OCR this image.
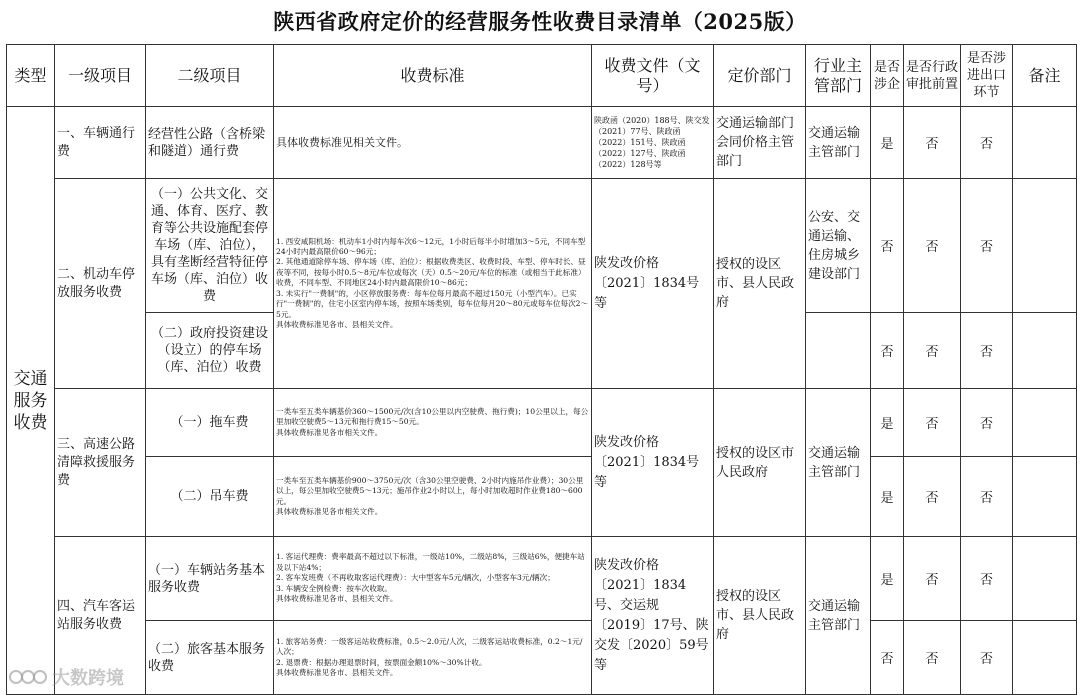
陕西省政府定价的经营服务性收费目录清单（2025版）
类型	一级项目	二级项目	收费标准	收费文件（文号）	定价部门	行业主管部门	是否涉企	是否行政审批前置	是否涉进出口环节	备注
交通服务收费	一、车辆通行费	经营性公路（含桥梁和隧道）通行费	具体收费标准见相关文件。	陕政函（2020）188号、陕交发（2021）77号、陕政函（2022）151号、陕政函（2022）127号、陕政函（2022）128号等	交通运输部门会同价格主管部门	交通运输主管部门	是	否	否	
	二、机动车停放服务收费	（一）公共文化、交通、体育、医疗、教育等公共设施配套停车场（库、泊位），具有垄断经营特征停车场（库、泊位）收费	1. 西安咸阳机场：机动车1小时内每车次6～12元，1小时后每半小时增加3～5元，不同车型24小时内最高限价60～96元；
2. 其他通道除停车场、停车场（库、泊位）：根据收费类区、收费时段、车型、停车时长、昼夜等不同，按每小时0.5～8元/车位或每次（天）0.5～20元/车位的标准（或相当于此标准）收费，不同车型、不同地区24小时内最高限价10～86元；
3. 未实行"一费制"的，小区停放服务费：每车位每月最高不超过150元（小型汽车）。已实行"一费制"的，住宅小区室内停车场，按照车场类别，每车位每月20～80元或每车位每次2～5元。
具体收费标准见各市、县相关文件。	陕发改价格〔2021〕1834号等	授权的设区市、县人民政府	公安、交通运输、住房城乡建设部门	否	否	否	
		（二）政府投资建设（设立）的停车场（库、泊位）收费					否	否	否	
	三、高速公路清障救援服务费	（一）拖车费	一类车至五类车辆基价360～1500元/次(含10公里以内空驶费、拖行费)；10公里以上，每公里加收空驶费5～13元和拖行费15～50元。
具体收费标准见各市相关文件。	陕发改价格〔2021〕1834号等	授权的设区市人民政府	交通运输主管部门	是	否	否	
		（二）吊车费	一类车至五类车辆基价900～3750元/次（含30公里空驶费、2小时内施吊作业费）；30公里以上，每公里加收空驶费5～13元；施吊作业2小时以上，每小时加收超时作业费180～600元。
具体收费标准见各市相关文件。				是	否	否	
	四、汽车客运站服务收费	（一）车辆站务基本服务收费	1. 客运代理费：费率最高不超过以下标准，一级站10%，二级站8%，三级站6%，便捷车站及以下站4%；
2. 客车发班费（不再收取客运代理费）：大中型客车5元/辆次，小型客车3元/辆次；
3. 车辆安全例检费：按车次收取。
具体收费标准见各市、县相关文件。	陕发改价格〔2021〕1834号、交运规〔2019〕17号、陕交发〔2020〕59号等	授权的设区市、县人民政府	交通运输主管部门	是	否	否	
		（二）旅客基本服务收费	1. 旅客站务费：一级客运站收费标准，0.5～2.0元/人次，二级客运站收费标准，0.2～1元/人次；
2. 退票费：根据办理退票时间，按票面金额10%～30%计收。
具体收费标准见各市、县相关文件。				否	否	否	
大数跨境
